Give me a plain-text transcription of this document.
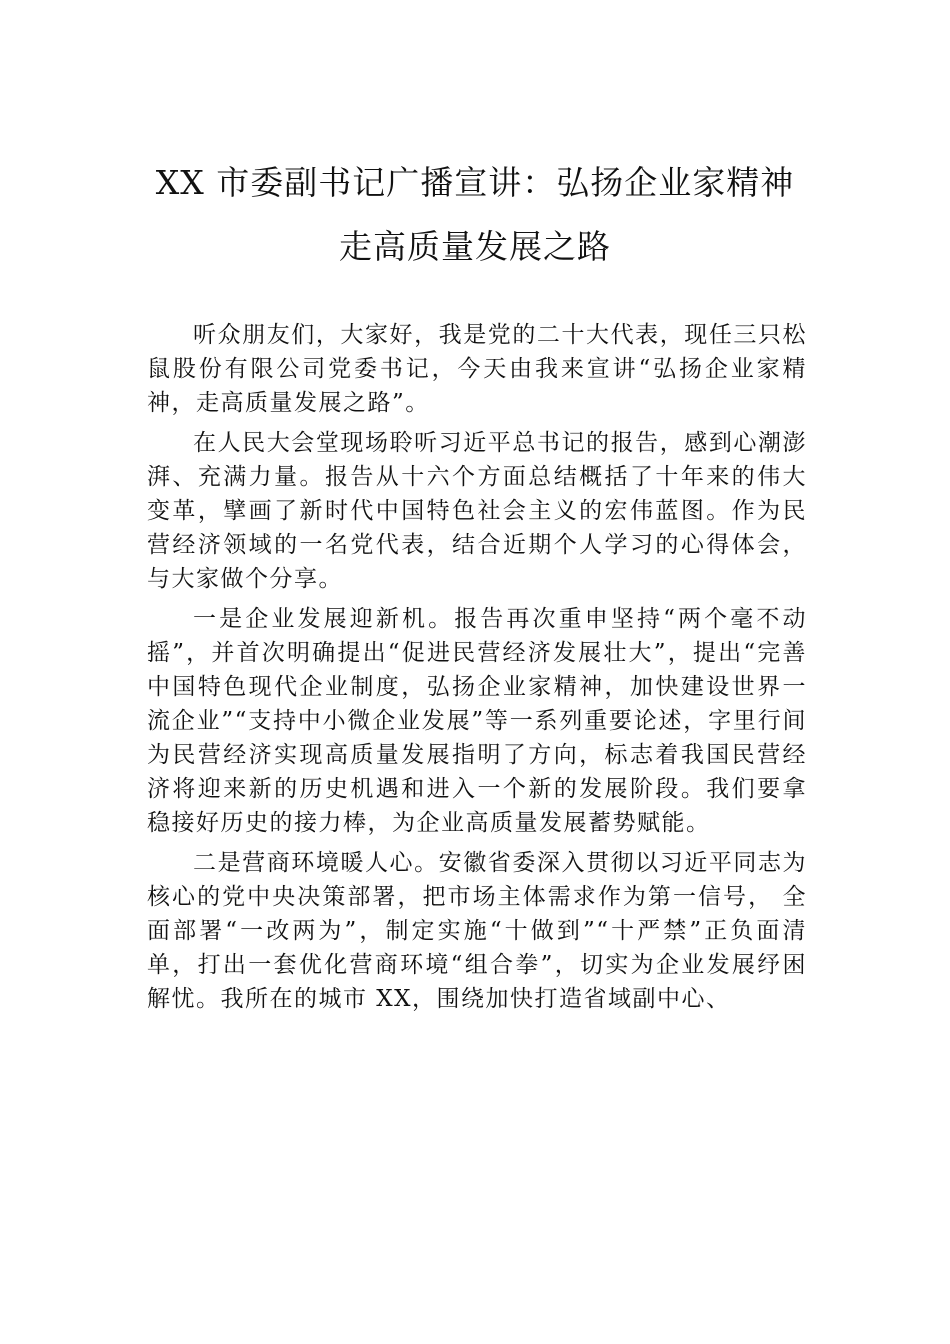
XX 市委副书记广播宣讲：弘扬企业家精神
走高质量发展之路

听众朋友们，大家好，我是党的二十大代表，现任三只松鼠股份有限公司党委书记，今天由我来宣讲“弘扬企业家精神，走高质量发展之路”。

在人民大会堂现场聆听习近平总书记的报告，感到心潮澎湃、充满力量。报告从十六个方面总结概括了十年来的伟大变革，擘画了新时代中国特色社会主义的宏伟蓝图。作为民营经济领域的一名党代表，结合近期个人学习的心得体会，与大家做个分享。

一是企业发展迎新机。报告再次重申坚持“两个毫不动摇”，并首次明确提出“促进民营经济发展壮大”，提出“完善中国特色现代企业制度，弘扬企业家精神，加快建设世界一流企业”“支持中小微企业发展”等一系列重要论述，字里行间为民营经济实现高质量发展指明了方向，标志着我国民营经济将迎来新的历史机遇和进入一个新的发展阶段。我们要拿稳接好历史的接力棒，为企业高质量发展蓄势赋能。

二是营商环境暖人心。安徽省委深入贯彻以习近平同志为核心的党中央决策部署，把市场主体需求作为第一信号， 全面部署“一改两为”，制定实施“十做到”“十严禁”正负面清单，打出一套优化营商环境“组合拳”，切实为企业发展纾困解忧。我所在的城市 XX，围绕加快打造省域副中心、
